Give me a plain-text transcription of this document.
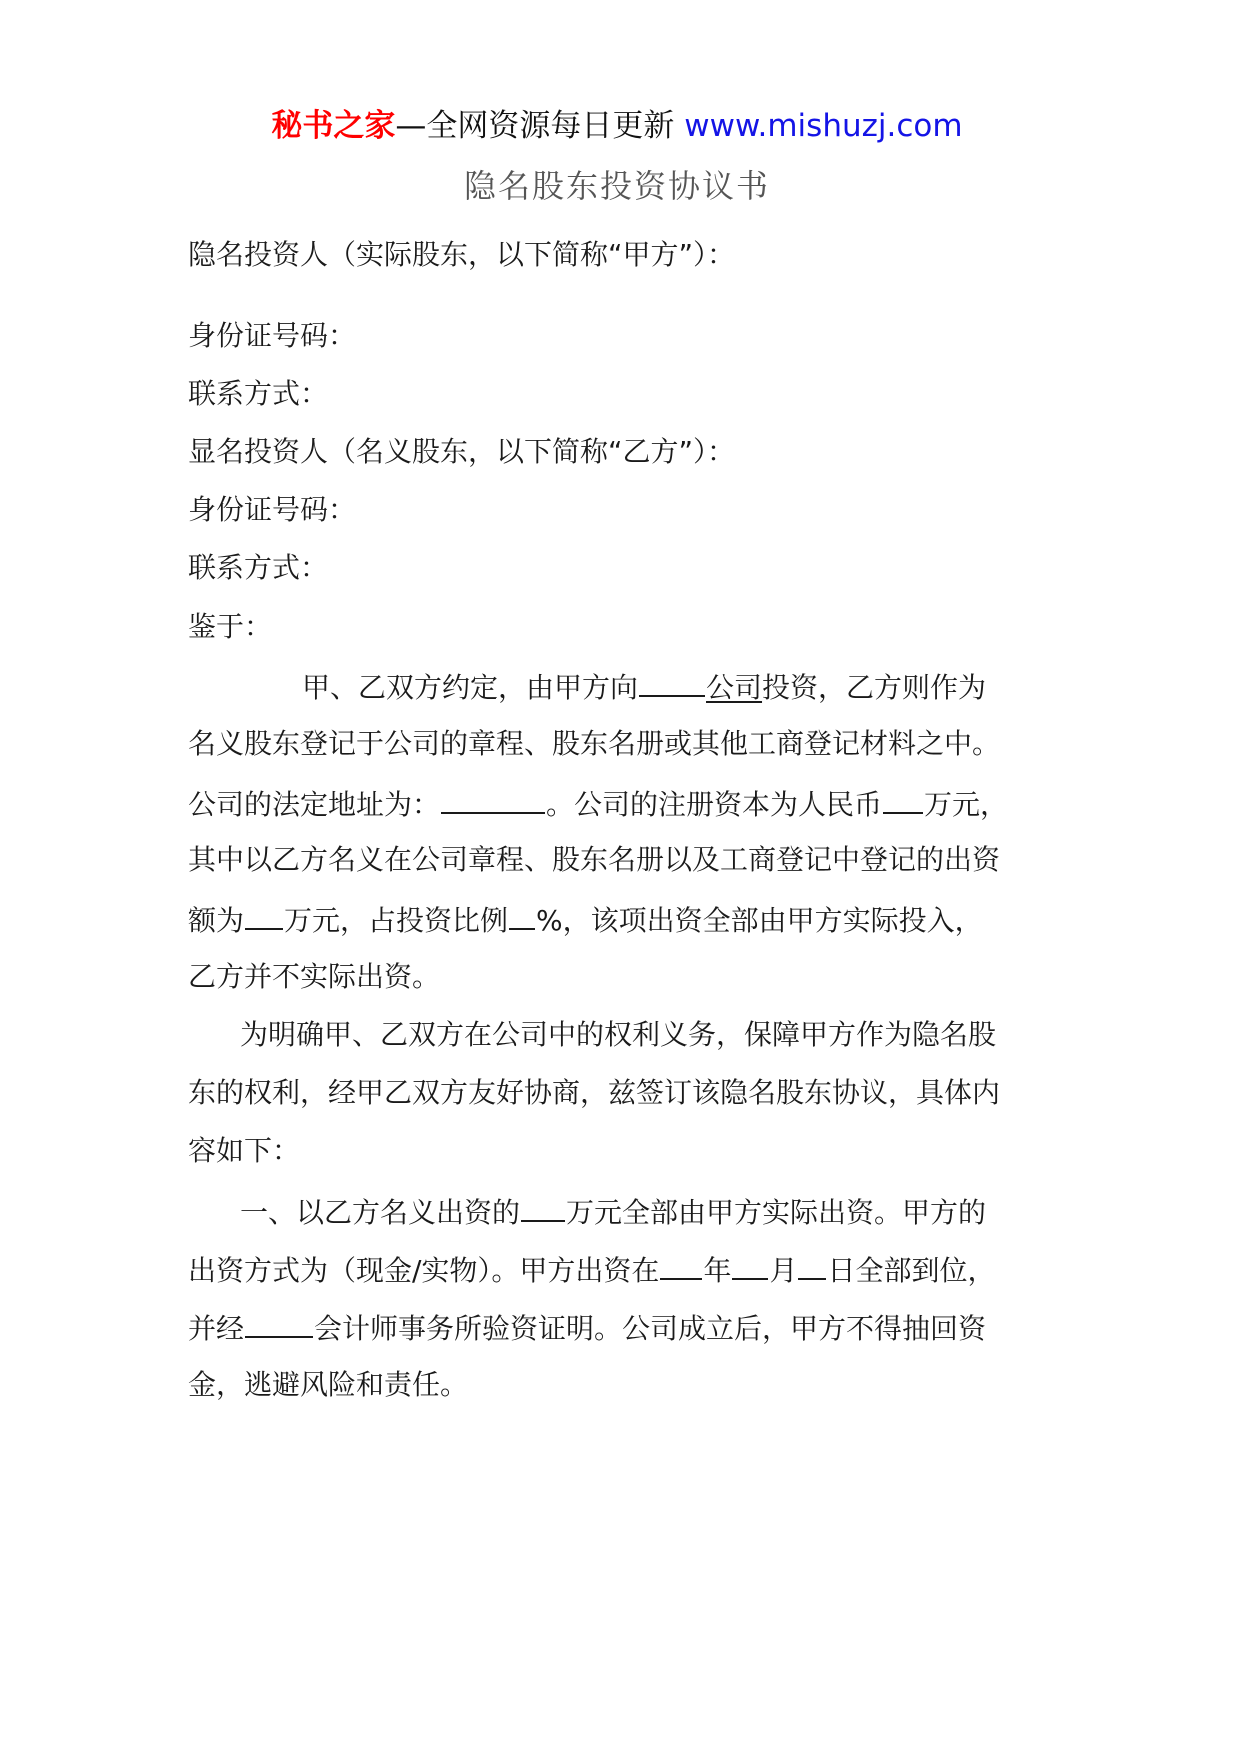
秘书之家—全网资源每日更新 www.mishuzj.com
隐名股东投资协议书
隐名投资人（实际股东，以下简称“甲方”）：
身份证号码：
联系方式：
显名投资人（名义股东，以下简称“乙方”）：
身份证号码：
联系方式：
鉴于：
甲、乙双方约定，由甲方向 公司投资，乙方则作为
名义股东登记于公司的章程、股东名册或其他工商登记材料之中。
公司的法定地址为：	。公司的注册资本为人民币 万元，
其中以乙方名义在公司章程、股东名册以及工商登记中登记的出资
额为 万元，占投资比例 %，该项出资全部由甲方实际投入，
乙方并不实际出资。
为明确甲、乙双方在公司中的权利义务，保障甲方作为隐名股
东的权利，经甲乙双方友好协商，兹签订该隐名股东协议，具体内
容如下：
一、以乙方名义出资的 万元全部由甲方实际出资。甲方的
出资方式为（现金/实物）。甲方出资在 年 月 日全部到位，
并经	会计师事务所验资证明。公司成立后，甲方不得抽回资
金，逃避风险和责任。
